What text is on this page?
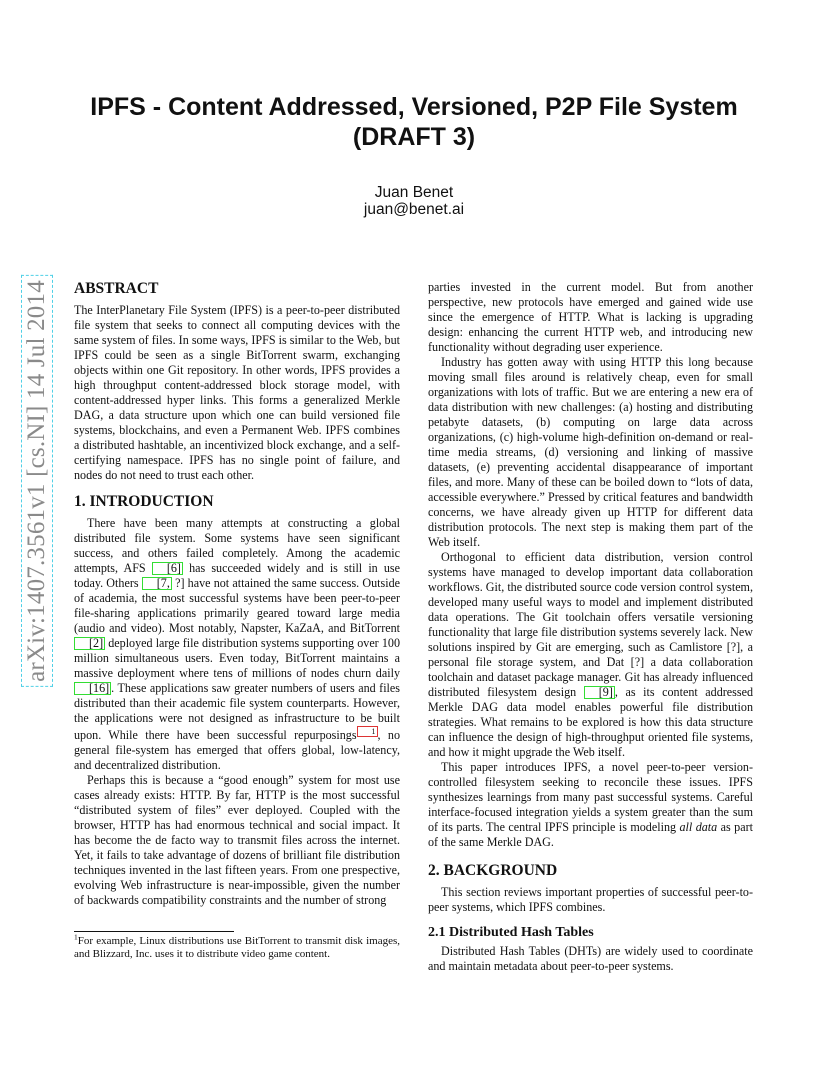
arXiv:1407.3561v1 [cs.NI] 14 Jul 2014
IPFS - Content Addressed, Versioned, P2P File System (DRAFT 3)
Juan Benet
juan@benet.ai
ABSTRACT

The InterPlanetary File System (IPFS) is a peer-to-peer distributed file system that seeks to connect all computing devices with the same system of files. In some ways, IPFS is similar to the Web, but IPFS could be seen as a single BitTorrent swarm, exchanging objects within one Git repository. In other words, IPFS provides a high throughput content-addressed block storage model, with content-addressed hyper links. This forms a generalized Merkle DAG, a data structure upon which one can build versioned file systems, blockchains, and even a Permanent Web. IPFS combines a distributed hashtable, an incentivized block exchange, and a self-certifying namespace. IPFS has no single point of failure, and nodes do not need to trust each other.

1. INTRODUCTION

There have been many attempts at constructing a global distributed file system. Some systems have seen significant success, and others failed completely. Among the academic attempts, AFS [6] has succeeded widely and is still in use today. Others [7, ?] have not attained the same success. Outside of academia, the most successful systems have been peer-to-peer file-sharing applications primarily geared toward large media (audio and video). Most notably, Napster, KaZaA, and BitTorrent [2] deployed large file distribution systems supporting over 100 million simultaneous users. Even today, BitTorrent maintains a massive deployment where tens of millions of nodes churn daily [16] . These applications saw greater numbers of users and files distributed than their academic file system counterparts. However, the applications were not designed as infrastructure to be built upon. While there have been successful repurposings 1 , no general file-system has emerged that offers global, low-latency, and decentralized distribution.

Perhaps this is because a “good enough” system for most use cases already exists: HTTP. By far, HTTP is the most successful “distributed system of files” ever deployed. Coupled with the browser, HTTP has had enormous technical and social impact. It has become the de facto way to transmit files across the internet. Yet, it fails to take advantage of dozens of brilliant file distribution techniques invented in the last fifteen years. From one prespective, evolving Web infrastructure is near-impossible, given the number of backwards compatibility constraints and the number of strong

parties invested in the current model. But from another perspective, new protocols have emerged and gained wide use since the emergence of HTTP. What is lacking is upgrading design: enhancing the current HTTP web, and introducing new functionality without degrading user experience.

Industry has gotten away with using HTTP this long because moving small files around is relatively cheap, even for small organizations with lots of traffic. But we are entering a new era of data distribution with new challenges: (a) hosting and distributing petabyte datasets, (b) computing on large data across organizations, (c) high-volume high-definition on-demand or real-time media streams, (d) versioning and linking of massive datasets, (e) preventing accidental disappearance of important files, and more. Many of these can be boiled down to “lots of data, accessible everywhere.” Pressed by critical features and bandwidth concerns, we have already given up HTTP for different data distribution protocols. The next step is making them part of the Web itself.

Orthogonal to efficient data distribution, version control systems have managed to develop important data collaboration workflows. Git, the distributed source code version control system, developed many useful ways to model and implement distributed data operations. The Git toolchain offers versatile versioning functionality that large file distribution systems severely lack. New solutions inspired by Git are emerging, such as Camlistore [?], a personal file storage system, and Dat [?] a data collaboration toolchain and dataset package manager. Git has already influenced distributed filesystem design [9] , as its content addressed Merkle DAG data model enables powerful file distribution strategies. What remains to be explored is how this data structure can influence the design of high-throughput oriented file systems, and how it might upgrade the Web itself.

This paper introduces IPFS, a novel peer-to-peer version-controlled filesystem seeking to reconcile these issues. IPFS synthesizes learnings from many past successful systems. Careful interface-focused integration yields a system greater than the sum of its parts. The central IPFS principle is modeling all data as part of the same Merkle DAG.

2. BACKGROUND

This section reviews important properties of successful peer-to-peer systems, which IPFS combines.

2.1 Distributed Hash Tables

Distributed Hash Tables (DHTs) are widely used to coordinate and maintain metadata about peer-to-peer systems.

$^1$For example, Linux distributions use BitTorrent to transmit disk images, and Blizzard, Inc. uses it to distribute video game content.
